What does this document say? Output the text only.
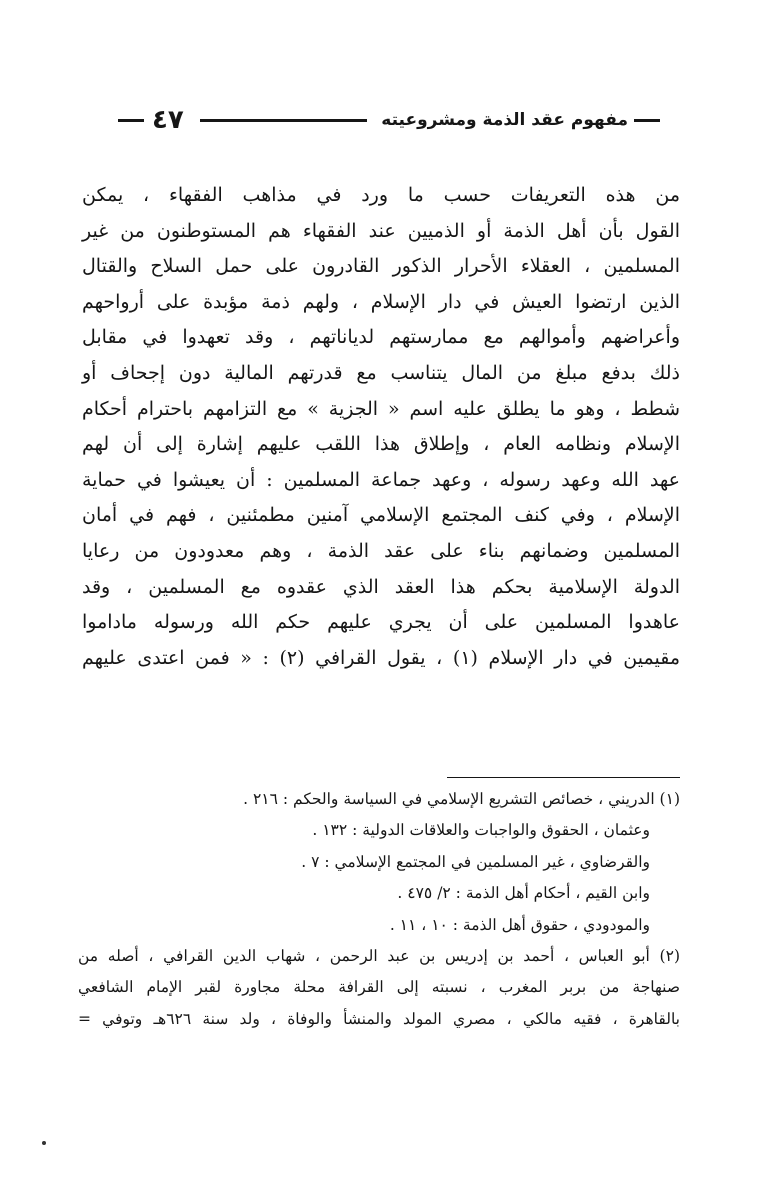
مفهوم عقد الذمة ومشروعيته
٤٧
من هذه التعريفات حسب ما ورد في مذاهب الفقهاء ، يمكن
القول بأن أهل الذمة أو الذميين عند الفقهاء هم المستوطنون من غير
المسلمين ، العقلاء الأحرار الذكور القادرون على حمل السلاح والقتال
الذين ارتضوا العيش في دار الإسلام ، ولهم ذمة مؤبدة على أرواحهم
وأعراضهم وأموالهم مع ممارستهم لدياناتهم ، وقد تعهدوا في مقابل
ذلك بدفع مبلغ من المال يتناسب مع قدرتهم المالية دون إجحاف أو
شطط ، وهو ما يطلق عليه اسم « الجزية » مع التزامهم باحترام أحكام
الإسلام ونظامه العام ، وإطلاق هذا اللقب عليهم إشارة إلى أن لهم
عهد الله وعهد رسوله ، وعهد جماعة المسلمين : أن يعيشوا في حماية
الإسلام ، وفي كنف المجتمع الإسلامي آمنين مطمئنين ، فهم في أمان
المسلمين وضمانهم بناء على عقد الذمة ، وهم معدودون من رعايا
الدولة الإسلامية بحكم هذا العقد الذي عقدوه مع المسلمين ، وقد
عاهدوا المسلمين على أن يجري عليهم حكم الله ورسوله ماداموا
مقيمين في دار الإسلام (١) ، يقول القرافي (٢) : « فمن اعتدى عليهم
(١) الدريني ، خصائص التشريع الإسلامي في السياسة والحكم : ٢١٦ .
وعثمان ، الحقوق والواجبات والعلاقات الدولية : ١٣٢ .
والقرضاوي ، غير المسلمين في المجتمع الإسلامي : ٧ .
وابن القيم ، أحكام أهل الذمة : ٢/ ٤٧٥ .
والمودودي ، حقوق أهل الذمة : ١٠ ، ١١ .
(٢) أبو العباس ، أحمد بن إدريس بن عبد الرحمن ، شهاب الدين القرافي ، أصله من
صنهاجة من بربر المغرب ، نسبته إلى القرافة محلة مجاورة لقبر الإمام الشافعي
بالقاهرة ، فقيه مالكي ، مصري المولد والمنشأ والوفاة ، ولد سنة ٦٢٦هـ وتوفي =
